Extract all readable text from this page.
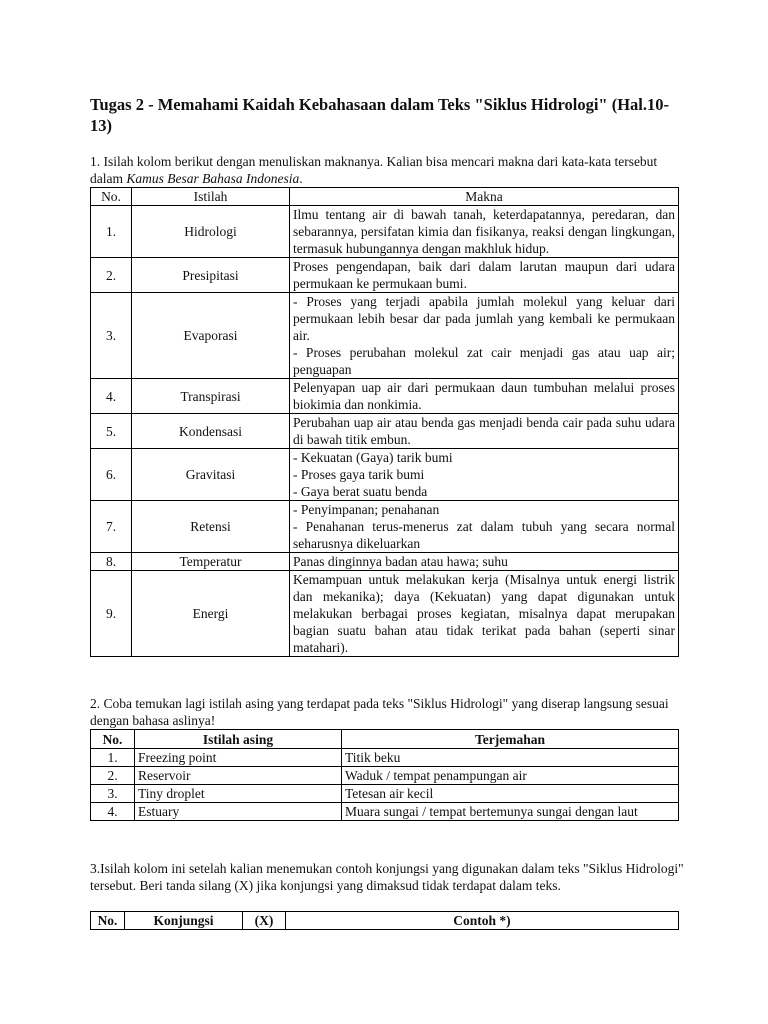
Tugas 2 - Memahami Kaidah Kebahasaan dalam Teks "Siklus Hidrologi" (Hal.10-13)
1. Isilah kolom berikut dengan menuliskan maknanya. Kalian bisa mencari makna dari kata-kata tersebut dalam Kamus Besar Bahasa Indonesia.
No.	Istilah	Makna
1.	Hidrologi	Ilmu tentang air di bawah tanah, keterdapatannya, peredaran, dan sebarannya, persifatan kimia dan fisikanya, reaksi dengan lingkungan, termasuk hubungannya dengan makhluk hidup.

2.	Presipitasi	Proses pengendapan, baik dari dalam larutan maupun dari udara permukaan ke permukaan bumi.

3.	Evaporasi	- Proses yang terjadi apabila jumlah molekul yang keluar dari permukaan lebih besar dar pada jumlah yang kembali ke permukaan air.
- Proses perubahan molekul zat cair menjadi gas atau uap air; penguapan

4.	Transpirasi	Pelenyapan uap air dari permukaan daun tumbuhan melalui proses biokimia dan nonkimia.

5.	Kondensasi	Perubahan uap air atau benda gas menjadi benda cair pada suhu udara di bawah titik embun.

6.	Gravitasi	- Kekuatan (Gaya) tarik bumi
- Proses gaya tarik bumi
- Gaya berat suatu benda

7.	Retensi	- Penyimpanan; penahanan
- Penahanan terus-menerus zat dalam tubuh yang secara normal seharusnya dikeluarkan

8.	Temperatur	Panas dinginnya badan atau hawa; suhu

9.	Energi	Kemampuan untuk melakukan kerja (Misalnya untuk energi listrik dan mekanika); daya (Kekuatan) yang dapat digunakan untuk melakukan berbagai proses kegiatan, misalnya dapat merupakan bagian suatu bahan atau tidak terikat pada bahan (seperti sinar matahari).
2. Coba temukan lagi istilah asing yang terdapat pada teks "Siklus Hidrologi" yang diserap langsung sesuai dengan bahasa aslinya!
No.	Istilah asing	Terjemahan
1.	Freezing point	Titik beku
2.	Reservoir	Waduk / tempat penampungan air
3.	Tiny droplet	Tetesan air kecil
4.	Estuary	Muara sungai / tempat bertemunya sungai dengan laut
3.Isilah kolom ini setelah kalian menemukan contoh konjungsi yang digunakan dalam teks "Siklus Hidrologi" tersebut. Beri tanda silang (X) jika konjungsi yang dimaksud tidak terdapat dalam teks.
No.	Konjungsi	(X)	Contoh *)
